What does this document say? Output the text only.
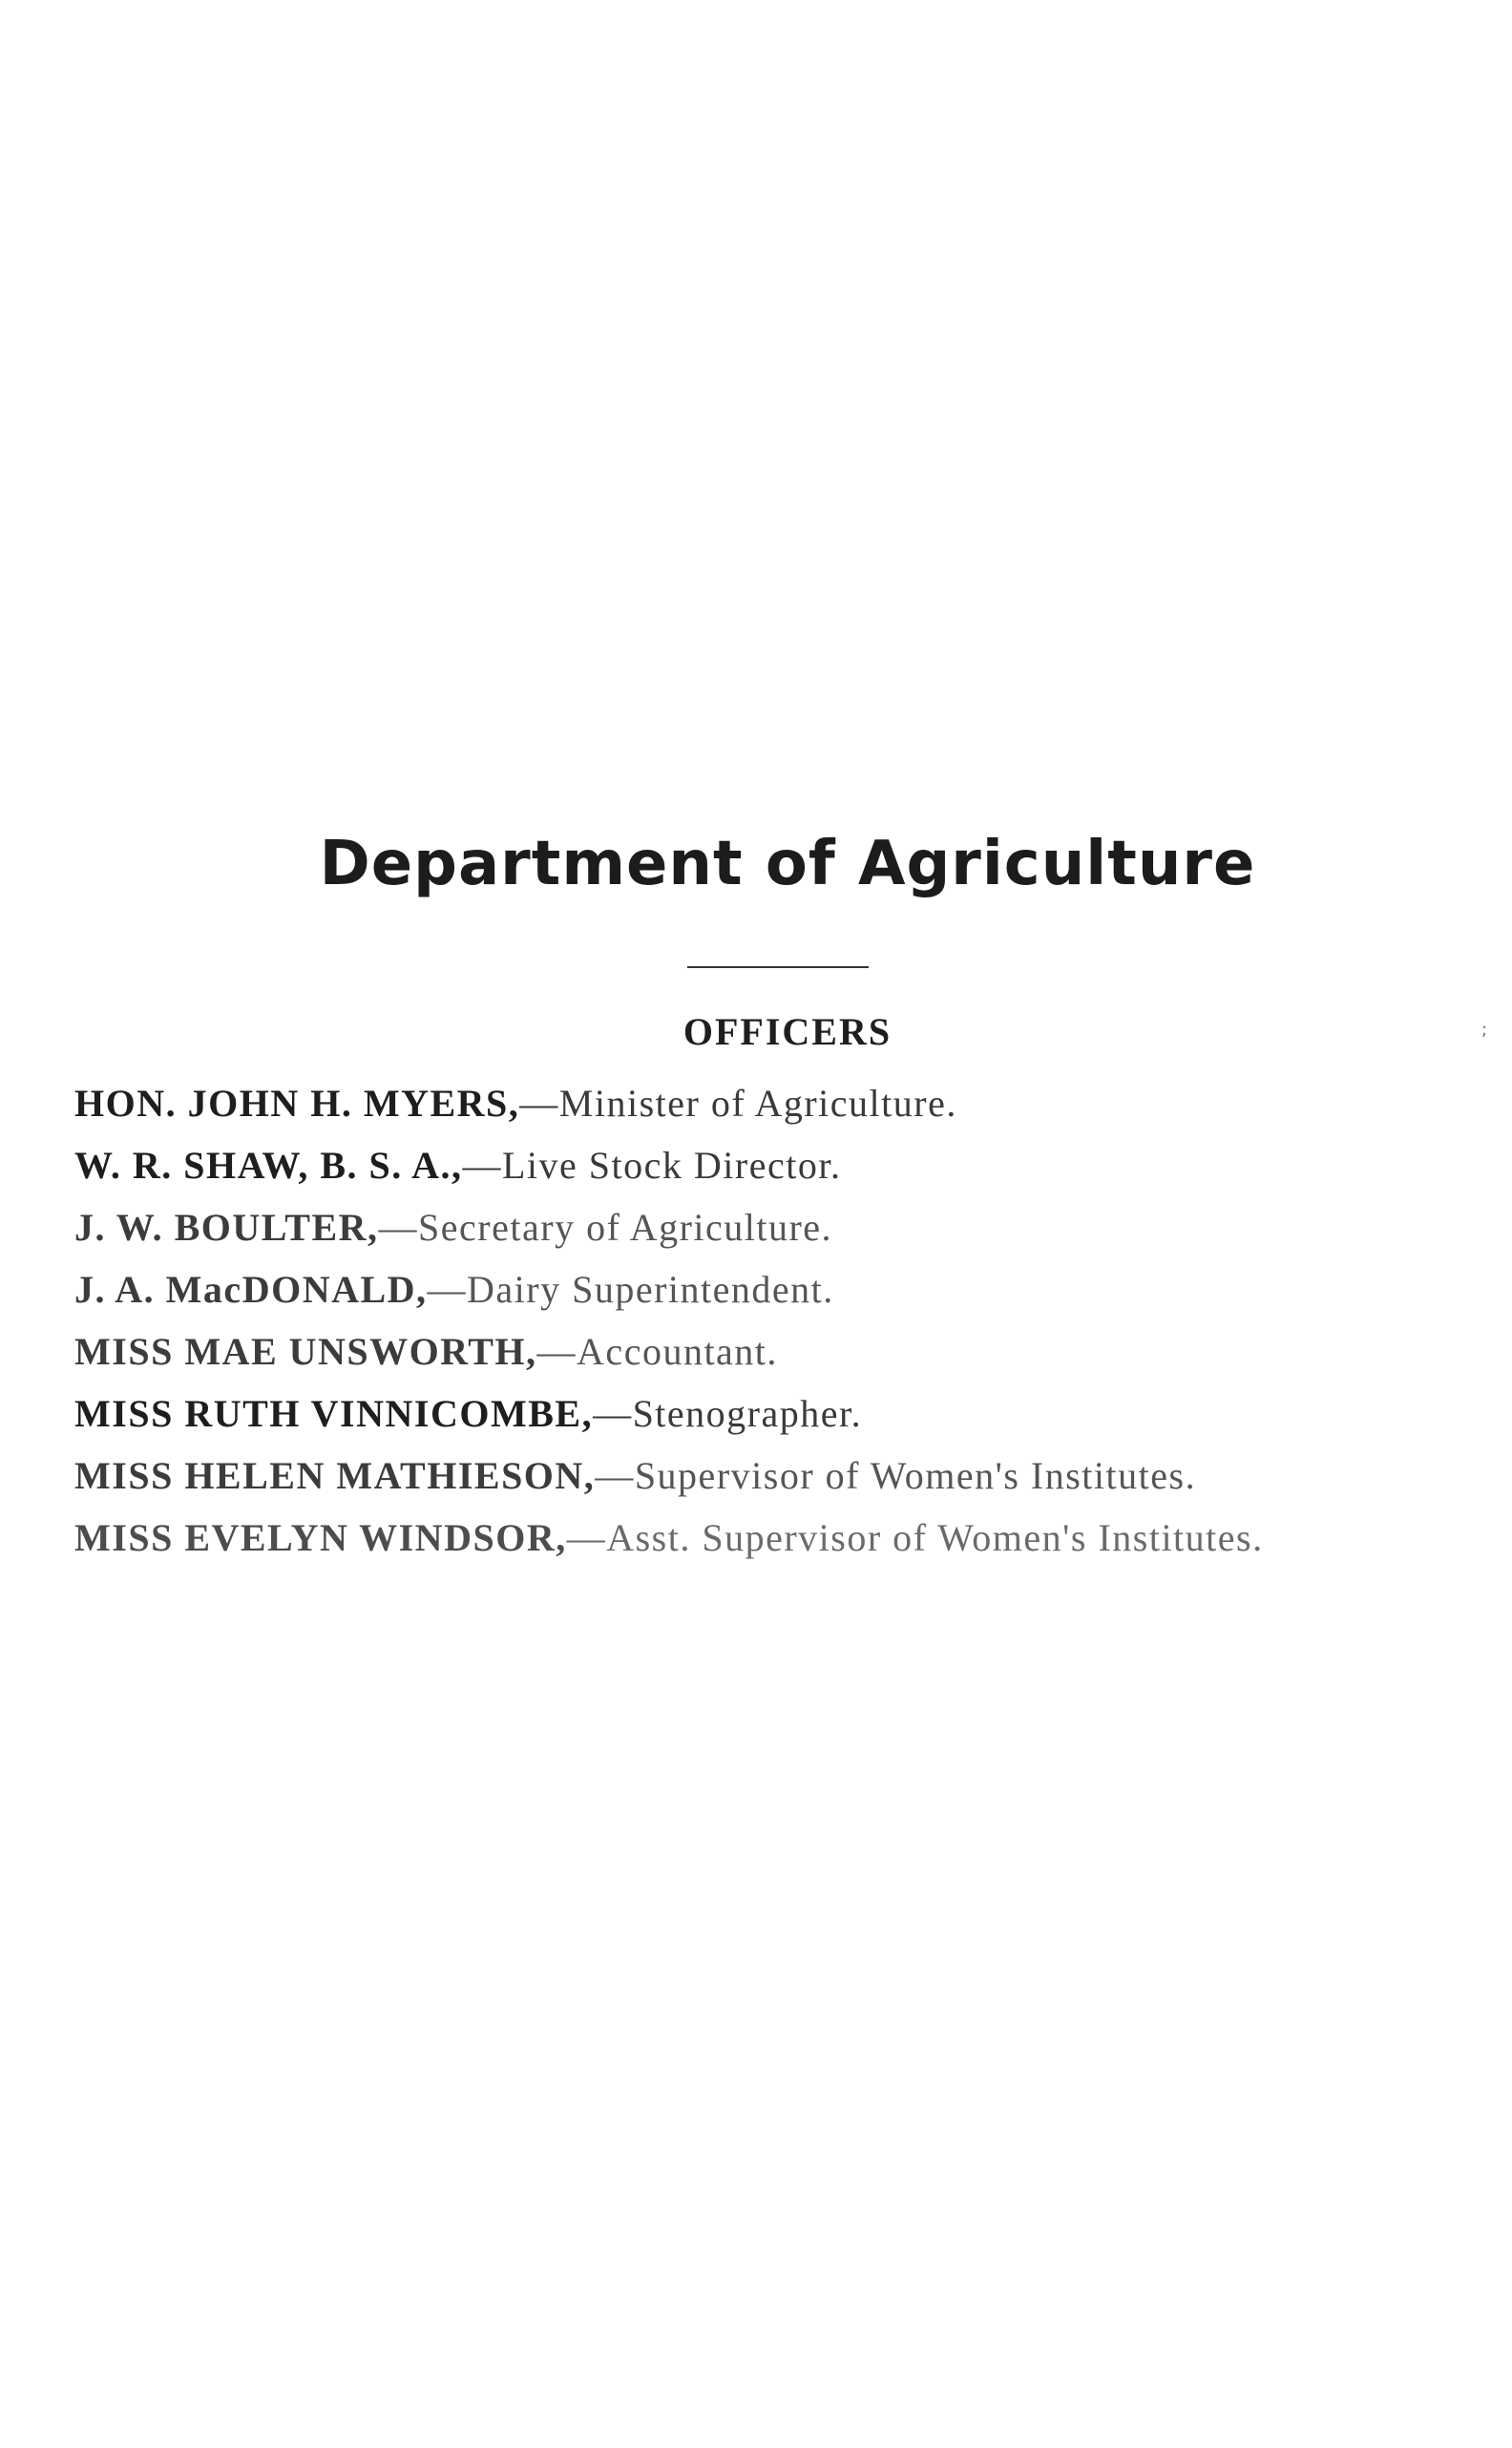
Department of Agriculture
OFFICERS	;
HON. JOHN H. MYERS,—Minister of Agriculture.
W. R. SHAW, B. S. A.,—Live Stock Director.
J. W. BOULTER,—Secretary of Agriculture.
J. A. MacDONALD,—Dairy Superintendent.
MISS MAE UNSWORTH,—Accountant.
MISS RUTH VINNICOMBE,—Stenographer.
MISS HELEN MATHIESON,—Supervisor of Women's Institutes.
MISS EVELYN WINDSOR,—Asst. Supervisor of Women's Institutes.
